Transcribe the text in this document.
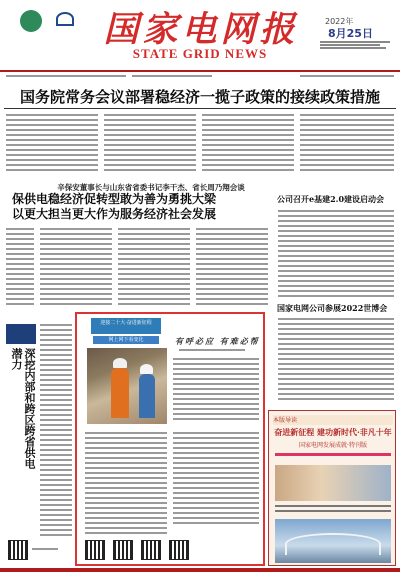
国家电网报
STATE GRID NEWS
2022年
8月25日
国务院常务会议部署稳经济一揽子政策的接续政策措施
辛保安董事长与山东省省委书记李干杰、省长周乃翔会谈
保供电稳经济促转型敢为善为勇挑大梁
以更大担当更大作为服务经济社会发展
公司召开e基建2.0建设启动会
国家电网公司参展2022世博会
深挖内部和跨区跨省供电潜力
迎接二十大·奋进新征程
网上网下看变化	有呼必应 有难必帮
本版导读
奋进新征程 建功新时代·非凡十年
国家电网发展成就·特刊版
